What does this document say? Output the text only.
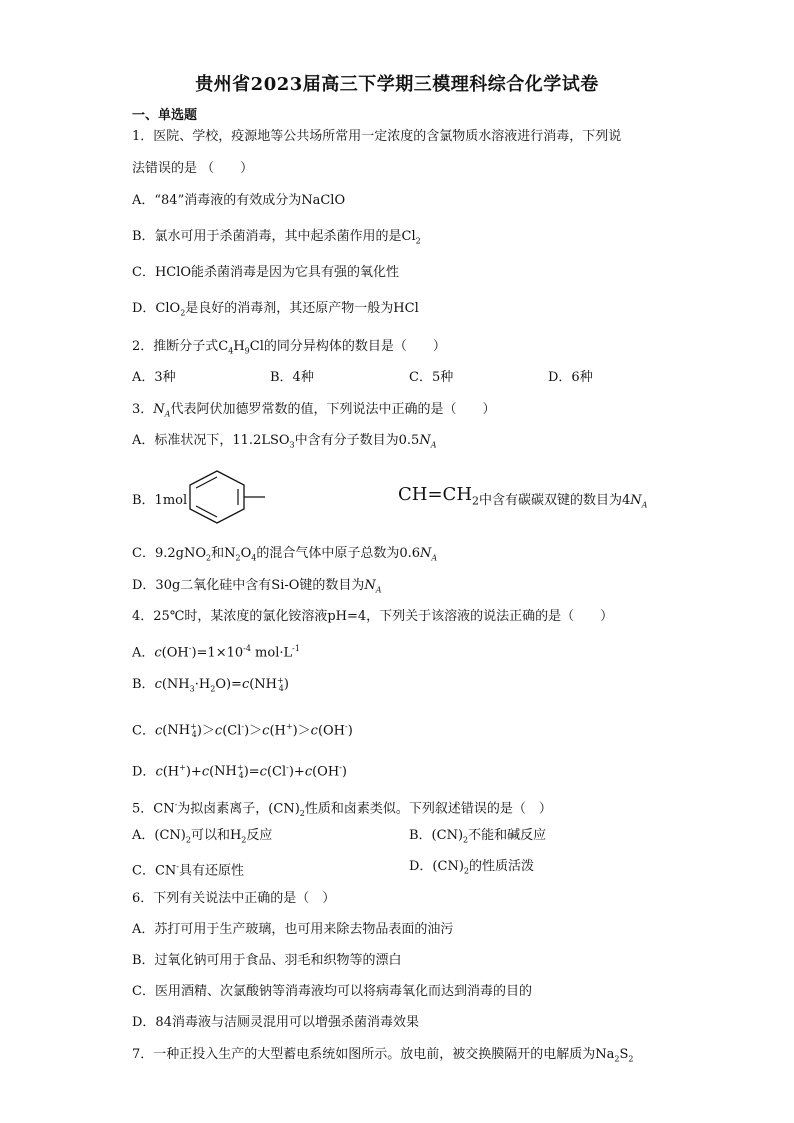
贵州省2023届高三下学期三模理科综合化学试卷
一、单选题
1．医院、学校，疫源地等公共场所常用一定浓度的含氯物质水溶液进行消毒，下列说
法错误的是 （　　）
A．“84”消毒液的有效成分为NaClO
B．氯水可用于杀菌消毒，其中起杀菌作用的是$Cl_2$
C．HClO能杀菌消毒是因为它具有强的氧化性
D．ClO$_2$是良好的消毒剂，其还原产物一般为HCl
2．推断分子式$C_4H_9Cl$的同分异构体的数目是（　　）
A．3种	B．4种	C．5种	D．6种
3．$N_A$代表阿伏加德罗常数的值，下列说法中正确的是（　　）
A．标准状况下，$11.2LSO_3$中含有分子数目为$0.5N_A$
B．1mol	$CH=CH_2$ 中含有碳碳双键的数目为$4N_A$
C．9.2gNO$_2$和$N_2O_4$的混合气体中原子总数为$0.6N_A$
D．30g二氧化硅中含有Si-O键的数目为$N_A$
4．25℃时，某浓度的氯化铵溶液pH=4，下列关于该溶液的说法正确的是（　　）
A．$c(OH^-)=1\times 10^{-4}$ $mol\cdot L^{-1}$
B．$c(NH_3\cdot H_2O)=c(NH^+_4)$
C．$c(NH^+_4)>c(Cl^-)>c(H^+)>c(OH^-)$
D．$c(H^+)+c(NH^+_4)=c(Cl^-)+c(OH^-)$
5．CN-为拟卤素离子，$(CN)_2$性质和卤素类似。下列叙述错误的是（　）
A．$(CN)_2$可以和$H_2$反应	B．$(CN)_2$不能和碱反应
C．CN-具有还原性	D．$(CN)_2$的性质活泼
6．下列有关说法中正确的是（　）
A．苏打可用于生产玻璃，也可用来除去物品表面的油污
B．过氧化钠可用于食品、羽毛和织物等的漂白
C．医用酒精、次氯酸钠等消毒液均可以将病毒氧化而达到消毒的目的
D．84消毒液与洁厕灵混用可以增强杀菌消毒效果
7．一种正投入生产的大型蓄电系统如图所示。放电前，被交换膜隔开的电解质为$Na_2S_2$
